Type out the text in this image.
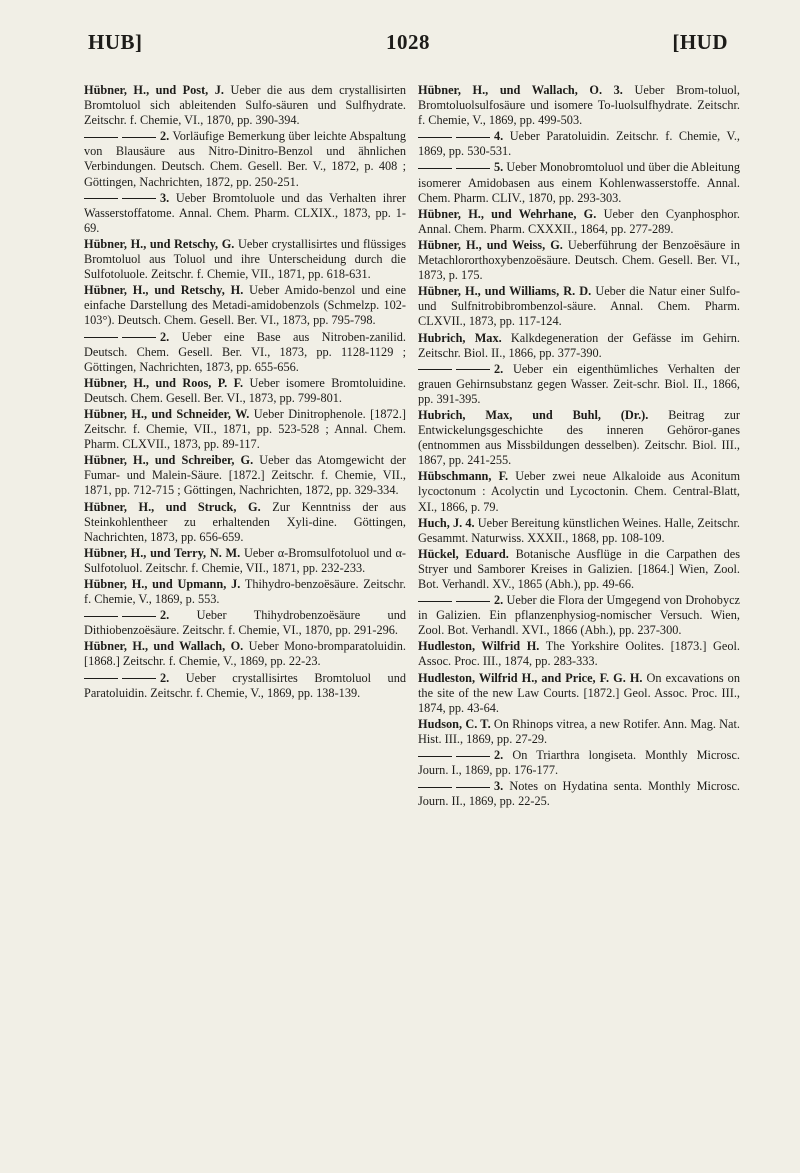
HUB]	1028	[HUD

Hübner, H., und Post, J. Ueber die aus dem crystallisirten Bromtoluol sich ableitenden Sulfo-säuren und Sulfhydrate. Zeitschr. f. Chemie, VI., 1870, pp. 390-394.

2. Vorläufige Bemerkung über leichte Abspaltung von Blausäure aus Nitro-Dinitro-Benzol und ähnlichen Verbindungen. Deutsch. Chem. Gesell. Ber. V., 1872, p. 408 ; Göttingen, Nachrichten, 1872, pp. 250-251.

3. Ueber Bromtoluole und das Verhalten ihrer Wasserstoffatome. Annal. Chem. Pharm. CLXIX., 1873, pp. 1-69.

Hübner, H., und Retschy, G. Ueber crystallisirtes und flüssiges Bromtoluol aus Toluol und ihre Unterscheidung durch die Sulfotoluole. Zeitschr. f. Chemie, VII., 1871, pp. 618-631.

Hübner, H., und Retschy, H. Ueber Amido-benzol und eine einfache Darstellung des Metadi-amidobenzols (Schmelzp. 102-103°). Deutsch. Chem. Gesell. Ber. VI., 1873, pp. 795-798.

2. Ueber eine Base aus Nitroben-zanilid. Deutsch. Chem. Gesell. Ber. VI., 1873, pp. 1128-1129 ; Göttingen, Nachrichten, 1873, pp. 655-656.

Hübner, H., und Roos, P. F. Ueber isomere Bromtoluidine. Deutsch. Chem. Gesell. Ber. VI., 1873, pp. 799-801.

Hübner, H., und Schneider, W. Ueber Dinitrophenole. [1872.] Zeitschr. f. Chemie, VII., 1871, pp. 523-528 ; Annal. Chem. Pharm. CLXVII., 1873, pp. 89-117.

Hübner, H., und Schreiber, G. Ueber das Atomgewicht der Fumar- und Malein-Säure. [1872.] Zeitschr. f. Chemie, VII., 1871, pp. 712-715 ; Göttingen, Nachrichten, 1872, pp. 329-334.

Hübner, H., und Struck, G. Zur Kenntniss der aus Steinkohlentheer zu erhaltenden Xyli-dine. Göttingen, Nachrichten, 1873, pp. 656-659.

Hübner, H., und Terry, N. M. Ueber α-Bromsulfotoluol und α-Sulfotoluol. Zeitschr. f. Chemie, VII., 1871, pp. 232-233.

Hübner, H., und Upmann, J. Thihydro-benzoësäure. Zeitschr. f. Chemie, V., 1869, p. 553.

2. Ueber Thihydrobenzoësäure und Dithiobenzoësäure. Zeitschr. f. Chemie, VI., 1870, pp. 291-296.

Hübner, H., und Wallach, O. Ueber Mono-bromparatoluidin. [1868.] Zeitschr. f. Chemie, V., 1869, pp. 22-23.

2. Ueber crystallisirtes Bromtoluol und Paratoluidin. Zeitschr. f. Chemie, V., 1869, pp. 138-139.

Hübner, H., und Wallach, O. 3. Ueber Brom-toluol, Bromtoluolsulfosäure und isomere To-luolsulfhydrate. Zeitschr. f. Chemie, V., 1869, pp. 499-503.

4. Ueber Paratoluidin. Zeitschr. f. Chemie, V., 1869, pp. 530-531.

5. Ueber Monobromtoluol und über die Ableitung isomerer Amidobasen aus einem Kohlenwasserstoffe. Annal. Chem. Pharm. CLIV., 1870, pp. 293-303.

Hübner, H., und Wehrhane, G. Ueber den Cyanphosphor. Annal. Chem. Pharm. CXXXII., 1864, pp. 277-289.

Hübner, H., und Weiss, G. Ueberführung der Benzoësäure in Metachlororthoxybenzoësäure. Deutsch. Chem. Gesell. Ber. VI., 1873, p. 175.

Hübner, H., und Williams, R. D. Ueber die Natur einer Sulfo- und Sulfnitrobibrombenzol-säure. Annal. Chem. Pharm. CLXVII., 1873, pp. 117-124.

Hubrich, Max. Kalkdegeneration der Gefässe im Gehirn. Zeitschr. Biol. II., 1866, pp. 377-390.

2. Ueber ein eigenthümliches Verhalten der grauen Gehirnsubstanz gegen Wasser. Zeit-schr. Biol. II., 1866, pp. 391-395.

Hubrich, Max, und Buhl, (Dr.). Beitrag zur Entwickelungsgeschichte des inneren Gehöror-ganes (entnommen aus Missbildungen desselben). Zeitschr. Biol. III., 1867, pp. 241-255.

Hübschmann, F. Ueber zwei neue Alkaloide aus Aconitum lycoctonum : Acolyctin und Lycoctonin. Chem. Central-Blatt, XI., 1866, p. 79.

Huch, J. 4. Ueber Bereitung künstlichen Weines. Halle, Zeitschr. Gesammt. Naturwiss. XXXII., 1868, pp. 108-109.

Hückel, Eduard. Botanische Ausflüge in die Carpathen des Stryer und Samborer Kreises in Galizien. [1864.] Wien, Zool. Bot. Verhandl. XV., 1865 (Abh.), pp. 49-66.

2. Ueber die Flora der Umgegend von Drohobycz in Galizien. Ein pflanzenphysiog-nomischer Versuch. Wien, Zool. Bot. Verhandl. XVI., 1866 (Abh.), pp. 237-300.

Hudleston, Wilfrid H. The Yorkshire Oolites. [1873.] Geol. Assoc. Proc. III., 1874, pp. 283-333.

Hudleston, Wilfrid H., and Price, F. G. H. On excavations on the site of the new Law Courts. [1872.] Geol. Assoc. Proc. III., 1874, pp. 43-64.

Hudson, C. T. On Rhinops vitrea, a new Rotifer. Ann. Mag. Nat. Hist. III., 1869, pp. 27-29.

2. On Triarthra longiseta. Monthly Microsc. Journ. I., 1869, pp. 176-177.

3. Notes on Hydatina senta. Monthly Microsc. Journ. II., 1869, pp. 22-25.
